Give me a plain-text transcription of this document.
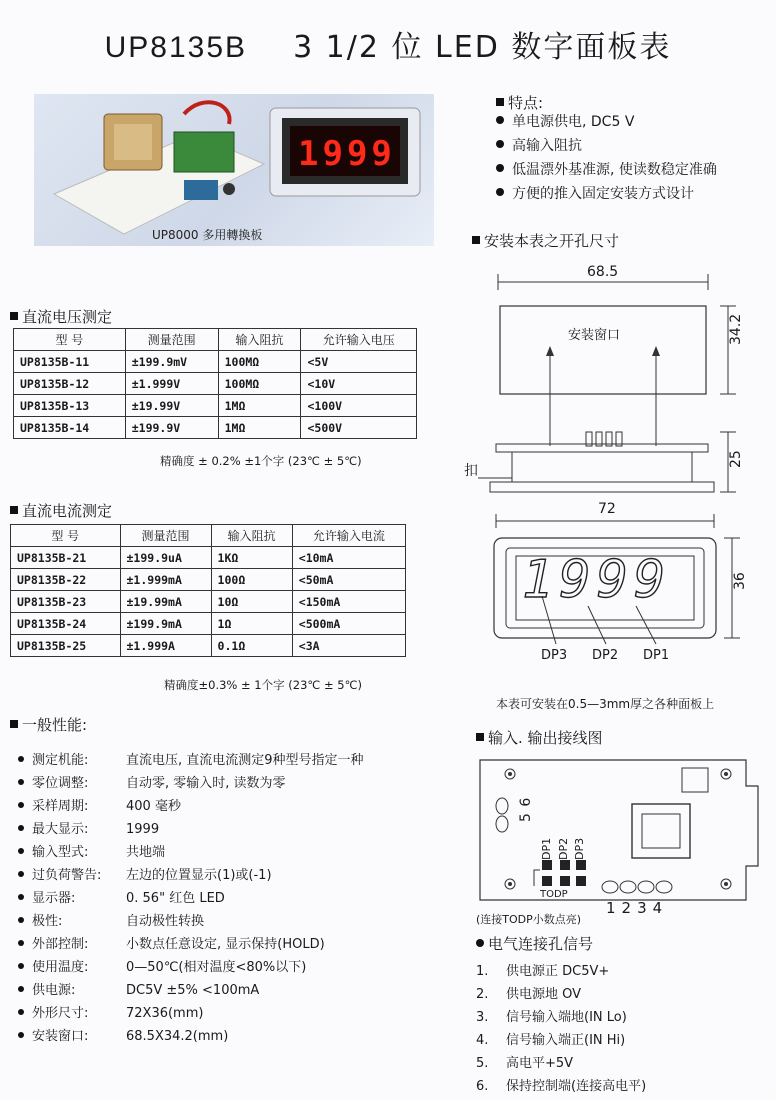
UP8135B 3 1/2 位 LED 数字面板表
1999
UP8000 多用轉換板
特点:
单电源供电, DC5 V
高输入阻抗
低温漂外基准源, 使读数稳定准确
方便的推入固定安装方式设计
安装本表之开孔尺寸
68.5
安装窗口	34.2
25
扣
72
36
1999
DP3 DP2 DP1
本表可安装在0.5—3mm厚之各种面板上
直流电压测定
型 号	测量范围	输入阻抗	允许输入电压
UP8135B-11	±199.9mV	100MΩ	<5V
UP8135B-12	±1.999V	100MΩ	<10V
UP8135B-13	±19.99V	1MΩ	<100V
UP8135B-14	±199.9V	1MΩ	<500V
精确度 ± 0.2% ±1个字 (23℃ ± 5℃)
直流电流测定
型 号	测量范围	输入阻抗	允许输入电流
UP8135B-21	±199.9uA	1KΩ	<10mA
UP8135B-22	±1.999mA	100Ω	<50mA
UP8135B-23	±19.99mA	10Ω	<150mA
UP8135B-24	±199.9mA	1Ω	<500mA
UP8135B-25	±1.999A	0.1Ω	<3A
精确度±0.3% ± 1个字 (23℃ ± 5℃)
一般性能:
测定机能:	直流电压, 直流电流测定9种型号指定一种
零位调整:	自动零, 零输入时, 读数为零
采样周期:	400 毫秒
最大显示:	1999
输入型式:	共地端
过负荷警告: 左边的位置显示(1)或(-1)
显示器:	0. 56" 红色 LED
极性:	自动极性转换
外部控制:	小数点任意设定, 显示保持(HOLD)
使用温度:	0—50℃(相对温度<80%以下)
供电源:	DC5V ±5% <100mA
外形尺寸:	72X36(mm)
安装窗口:	68.5X34.2(mm)
输入. 输出接线图
5 6
DP1 DP2 DP3
TODP
1234
(连接TODP小数点亮)
电气连接孔信号
1. 供电源正 DC5V+
2. 供电源地 OV
3. 信号输入端地(IN Lo)
4. 信号输入端正(IN Hi)
5. 高电平+5V
6. 保持控制端(连接高电平)
